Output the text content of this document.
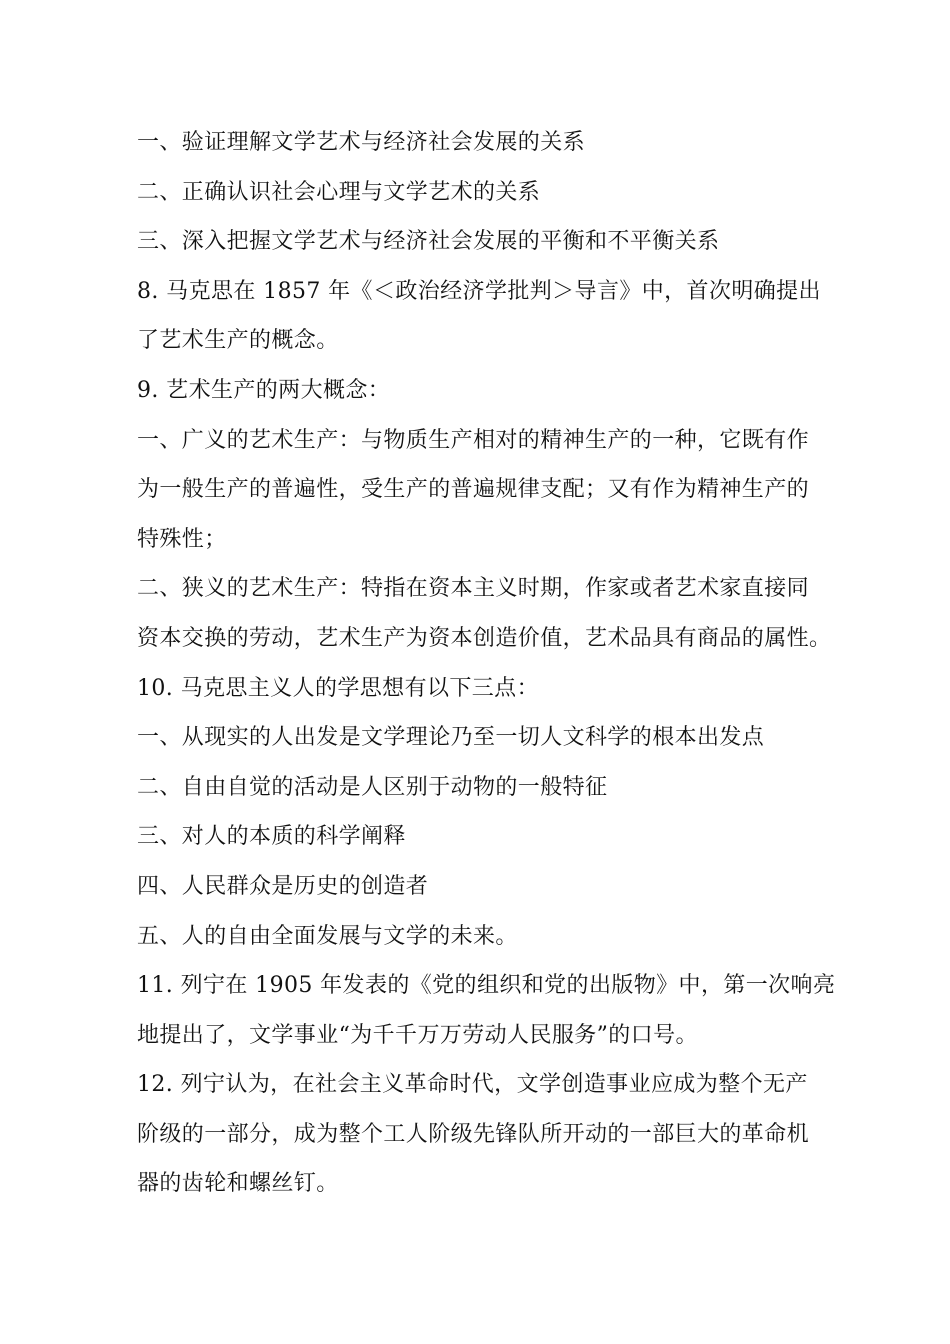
一、验证理解文学艺术与经济社会发展的关系
二、正确认识社会心理与文学艺术的关系
三、深入把握文学艺术与经济社会发展的平衡和不平衡关系
8. 马克思在 1857 年《＜政治经济学批判＞导言》中，首次明确提出
了艺术生产的概念。
9. 艺术生产的两大概念：
一、广义的艺术生产：与物质生产相对的精神生产的一种，它既有作
为一般生产的普遍性，受生产的普遍规律支配；又有作为精神生产的
特殊性；
二、狭义的艺术生产：特指在资本主义时期，作家或者艺术家直接同
资本交换的劳动，艺术生产为资本创造价值，艺术品具有商品的属性。
10. 马克思主义人的学思想有以下三点：
一、从现实的人出发是文学理论乃至一切人文科学的根本出发点
二、自由自觉的活动是人区别于动物的一般特征
三、对人的本质的科学阐释
四、人民群众是历史的创造者
五、人的自由全面发展与文学的未来。
11. 列宁在 1905 年发表的《党的组织和党的出版物》中，第一次响亮
地提出了，文学事业“为千千万万劳动人民服务”的口号。
12. 列宁认为，在社会主义革命时代，文学创造事业应成为整个无产
阶级的一部分，成为整个工人阶级先锋队所开动的一部巨大的革命机
器的齿轮和螺丝钉。
